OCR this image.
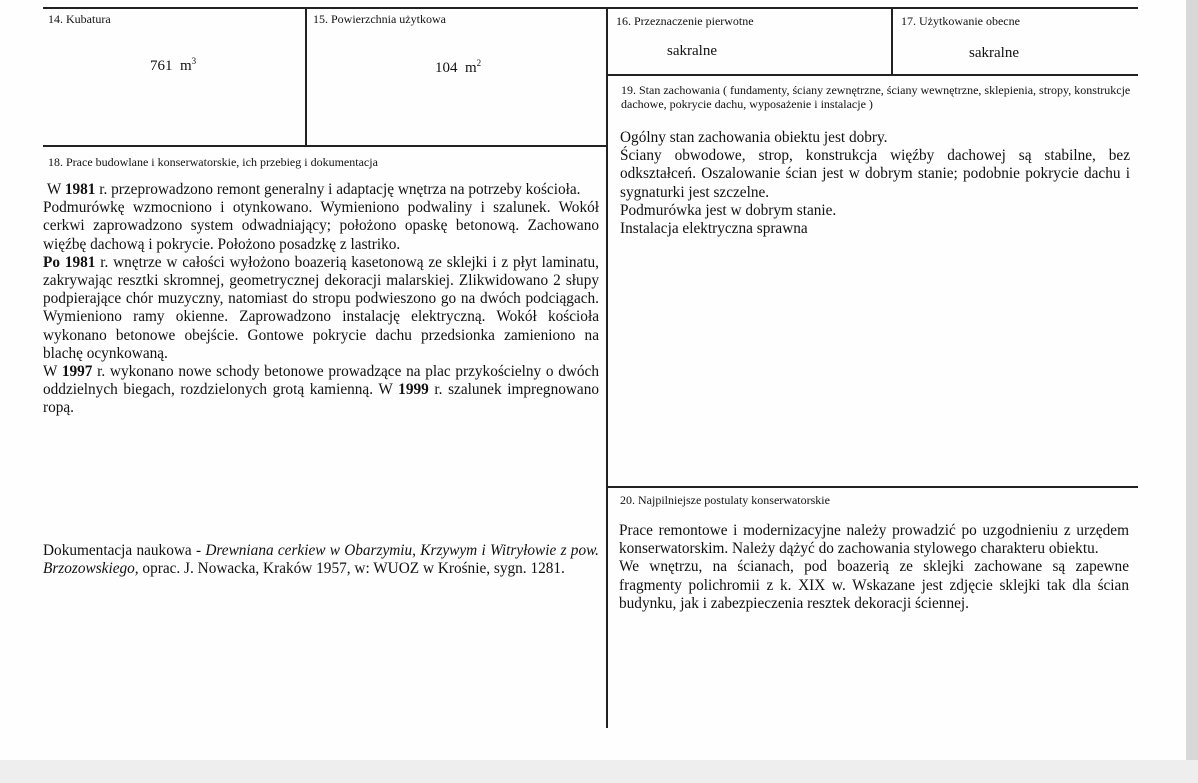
14. Kubatura
761 $m^3$
15. Powierzchnia użytkowa
104 $m^2$
16. Przeznaczenie pierwotne
sakralne
17. Użytkowanie obecne
sakralne
19. Stan zachowania ( fundamenty, ściany zewnętrzne, ściany wewnętrzne, sklepienia, stropy, konstrukcje dachowe, pokrycie dachu, wyposażenie i instalacje )

Ogólny stan zachowania obiektu jest dobry.

Ściany obwodowe, strop, konstrukcja więźby dachowej są stabilne, bez odkształceń. Oszalowanie ścian jest w dobrym stanie; podobnie pokrycie dachu i sygnaturki jest szczelne.

Podmurówka jest w dobrym stanie.

Instalacja elektryczna sprawna

18. Prace budowlane i konserwatorskie, ich przebieg i dokumentacja

W 1981 r. przeprowadzono remont generalny i adaptację wnętrza na potrzeby kościoła.

Podmurówkę wzmocniono i otynkowano. Wymieniono podwaliny i szalunek. Wokół cerkwi zaprowadzono system odwadniający; położono opaskę betonową. Zachowano więźbę dachową i pokrycie. Położono posadzkę z lastriko.

Po 1981 r. wnętrze w całości wyłożono boazerią kasetonową ze sklejki i z płyt laminatu, zakrywając resztki skromnej, geometrycznej dekoracji malarskiej. Zlikwidowano 2 słupy podpierające chór muzyczny, natomiast do stropu podwieszono go na dwóch podciągach. Wymieniono ramy okienne. Zaprowadzono instalację elektryczną. Wokół kościoła wykonano betonowe obejście. Gontowe pokrycie dachu przedsionka zamieniono na blachę ocynkowaną.

W 1997 r. wykonano nowe schody betonowe prowadzące na plac przykościelny o dwóch oddzielnych biegach, rozdzielonych grotą kamienną. W 1999 r. szalunek impregnowano ropą.

Dokumentacja naukowa - Drewniana cerkiew w Obarzymiu, Krzywym i Witryłowie z pow. Brzozowskiego, oprac. J. Nowacka, Kraków 1957, w: WUOZ w Krośnie, sygn. 1281.

20. Najpilniejsze postulaty konserwatorskie

Prace remontowe i modernizacyjne należy prowadzić po uzgodnieniu z urzędem konserwatorskim. Należy dążyć do zachowania stylowego charakteru obiektu.

We wnętrzu, na ścianach, pod boazerią ze sklejki zachowane są zapewne fragmenty polichromii z k. XIX w. Wskazane jest zdjęcie sklejki tak dla ścian budynku, jak i zabezpieczenia resztek dekoracji ściennej.
